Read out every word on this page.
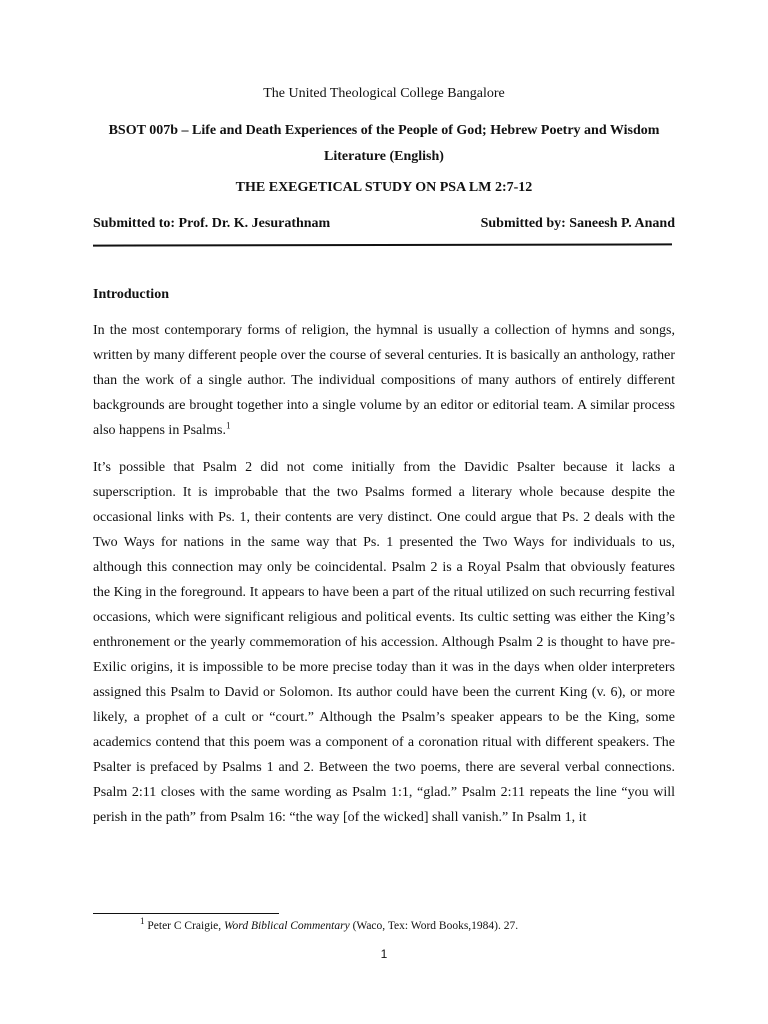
The United Theological College Bangalore
BSOT 007b – Life and Death Experiences of the People of God; Hebrew Poetry and Wisdom Literature (English)
THE EXEGETICAL STUDY ON PSA LM 2:7-12
Submitted to: Prof. Dr. K. Jesurathnam	Submitted by: Saneesh P. Anand
Introduction

In the most contemporary forms of religion, the hymnal is usually a collection of hymns and songs, written by many different people over the course of several centuries. It is basically an anthology, rather than the work of a single author. The individual compositions of many authors of entirely different backgrounds are brought together into a single volume by an editor or editorial team. A similar process also happens in Psalms.$^1$

It’s possible that Psalm 2 did not come initially from the Davidic Psalter because it lacks a superscription. It is improbable that the two Psalms formed a literary whole because despite the occasional links with Ps. 1, their contents are very distinct. One could argue that Ps. 2 deals with the Two Ways for nations in the same way that Ps. 1 presented the Two Ways for individuals to us, although this connection may only be coincidental. Psalm 2 is a Royal Psalm that obviously features the King in the foreground. It appears to have been a part of the ritual utilized on such recurring festival occasions, which were significant religious and political events. Its cultic setting was either the King’s enthronement or the yearly commemoration of his accession. Although Psalm 2 is thought to have pre-Exilic origins, it is impossible to be more precise today than it was in the days when older interpreters assigned this Psalm to David or Solomon. Its author could have been the current King (v. 6), or more likely, a prophet of a cult or “court.” Although the Psalm’s speaker appears to be the King, some academics contend that this poem was a component of a coronation ritual with different speakers. The Psalter is prefaced by Psalms 1 and 2. Between the two poems, there are several verbal connections. Psalm 2:11 closes with the same wording as Psalm 1:1, “glad.” Psalm 2:11 repeats the line “you will perish in the path” from Psalm 16: “the way [of the wicked] shall vanish.” In Psalm 1, it

$^1$ Peter C Craigie, Word Biblical Commentary (Waco, Tex: Word Books,1984). 27.
1
